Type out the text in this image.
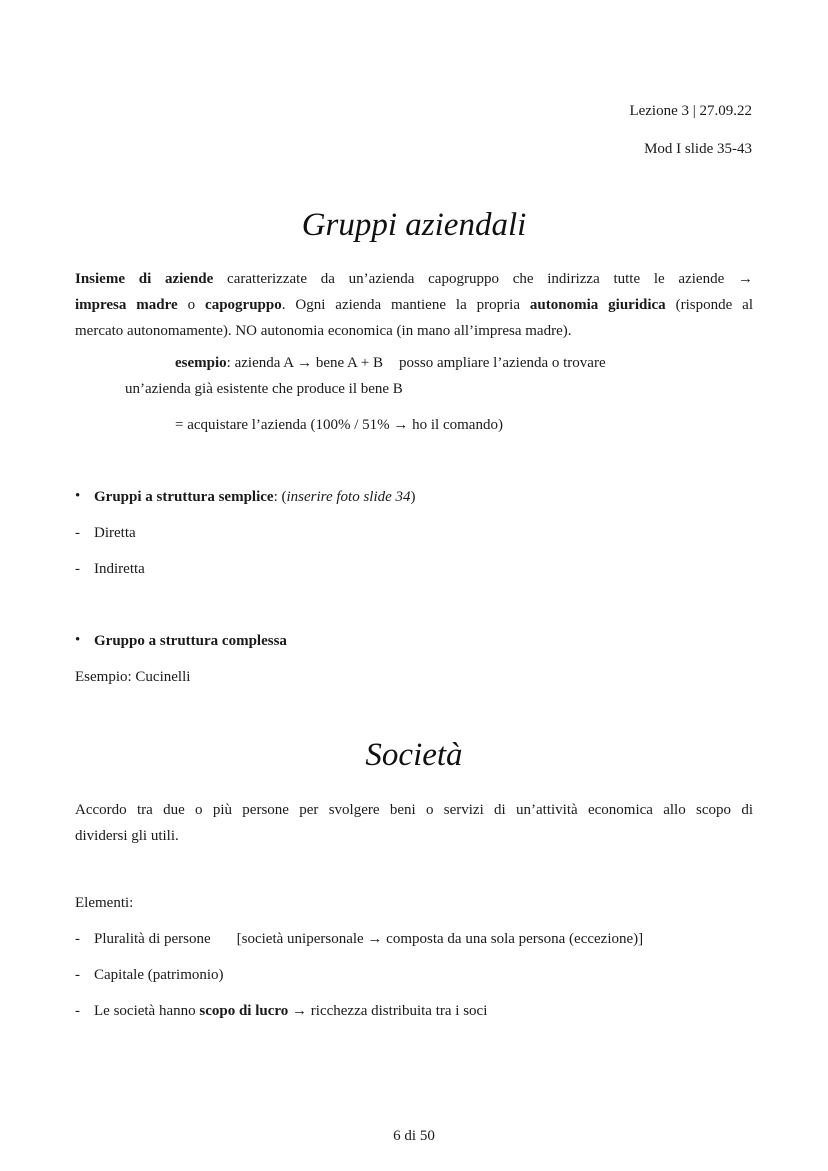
Lezione 3 | 27.09.22
Mod I slide 35-43
Gruppi aziendali
Insieme di aziende caratterizzate da un’azienda capogruppo che indirizza tutte le aziende →
impresa madre o capogruppo. Ogni azienda mantiene la propria autonomia giuridica (risponde al
mercato autonomamente). NO autonomia economica (in mano all’impresa madre).
esempio: azienda A → bene A + B posso ampliare l’azienda o trovare
un’azienda già esistente che produce il bene B
= acquistare l’azienda (100% / 51% → ho il comando)
• Gruppi a struttura semplice: (inserire foto slide 34)
- Diretta
- Indiretta
• Gruppo a struttura complessa
Esempio: Cucinelli
Società
Accordo tra due o più persone per svolgere beni o servizi di un’attività economica allo scopo di
dividersi gli utili.
Elementi:
- Pluralità di persone [società unipersonale → composta da una sola persona (eccezione)]
- Capitale (patrimonio)
- Le società hanno scopo di lucro → ricchezza distribuita tra i soci
6 di 50
